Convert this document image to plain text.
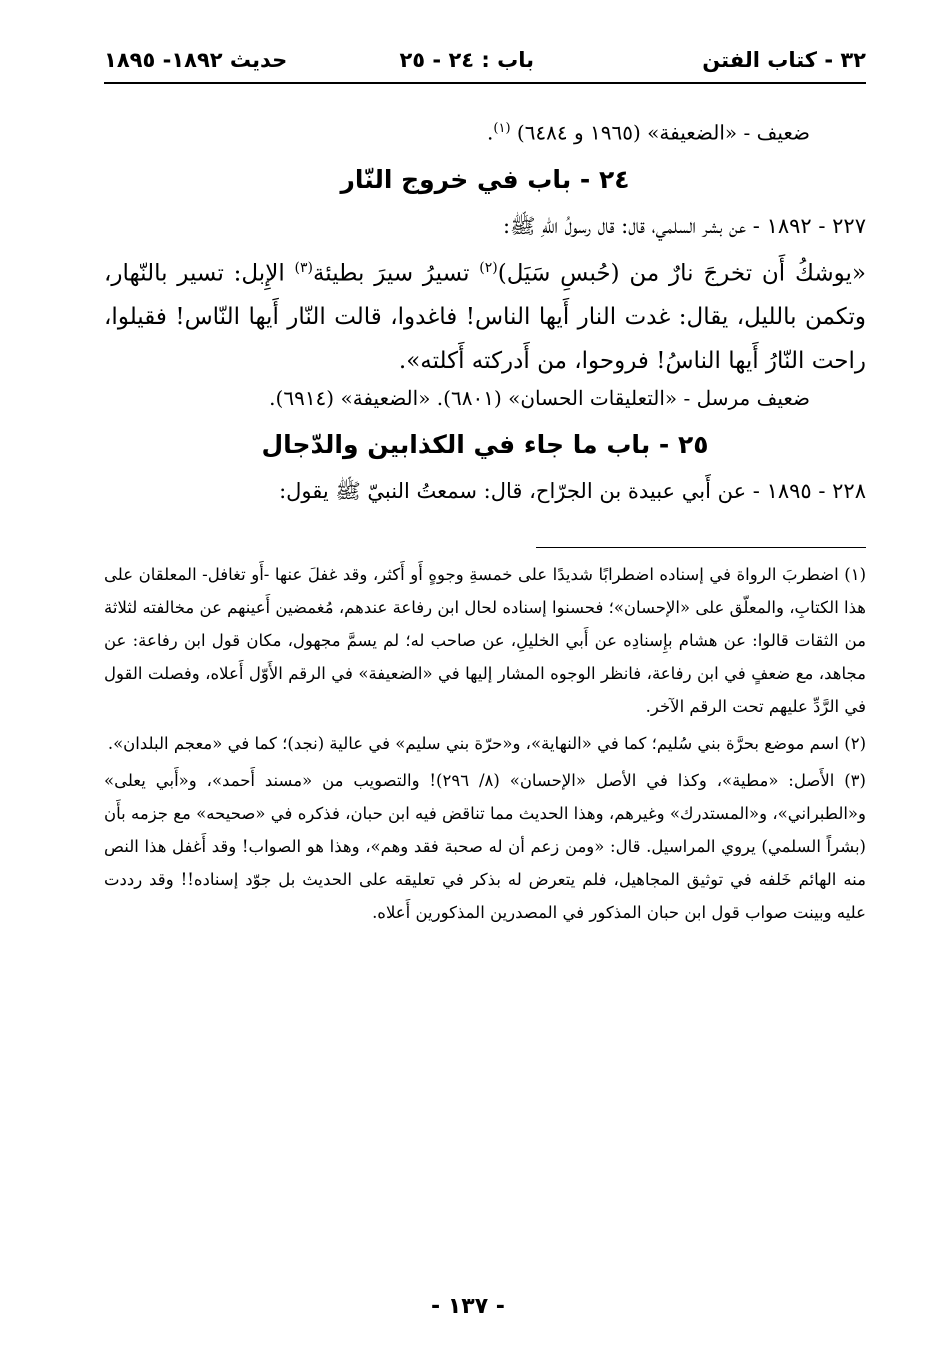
٣٢ - كتاب الفتن
باب : ٢٤ - ٢٥
حديث ١٨٩٢- ١٨٩٥

ضعيف - «الضعيفة» (١٩٦٥ و ٦٤٨٤) $^{(١)}$.

٢٤ - باب في خروج النّار

٢٢٧ - ١٨٩٢ - عن بشر السلمي، قال: قال رسولُ اللهِ ﷺ:

«يوشكُ أَن تخرجَ نارٌ من (حُبسِ سَيَل)$^{(٢)}$ تسيرُ سيرَ بطيئة$^{(٣)}$ الإِبل: تسير بالنّهار، وتكمن بالليل، يقال: غدت النار أَيها الناس! فاغدوا، قالت النّار أَيها النّاس! فقيلوا، راحت النّارُ أَيها الناسُ! فروحوا، من أَدركته أَكلته».

ضعيف مرسل - «التعليقات الحسان» (٦٨٠١). «الضعيفة» (٦٩١٤).

٢٥ - باب ما جاء في الكذابين والدّجال

٢٢٨ - ١٨٩٥ - عن أَبي عبيدة بن الجرّاح، قال: سمعتُ النبيّ ﷺ يقول:

(١) اضطربَ الرواة في إسناده اضطرابًا شديدًا على خمسةِ وجوهٍ أَو أَكثر، وقد غفلَ عنها -أَو تغافل- المعلقان على هذا الكتابِ، والمعلّق على «الإحسان»؛ فحسنوا إسناده لحال ابن رفاعة عندهم، مُغمضين أَعينهم عن مخالفته لثلاثة من الثقات قالوا: عن هشام بإِسنادِه عن أَبي الخليلِ، عن صاحب له؛ لم يسمَّ مجهول، مكان قول ابن رفاعة: عن مجاهد، مع ضعفٍ في ابن رفاعة، فانظر الوجوه المشار إليها في «الضعيفة» في الرقم الأَوّل أَعلاه، وفصلت القول في الرَّدِّ عليهم تحت الرقم الآخر.

(٢) اسم موضع بحرَّة بني سُليم؛ كما في «النهاية»، و«حرّة بني سليم» في عالية (نجد)؛ كما في «معجم البلدان».

(٣) الأَصل: «مطية»، وكذا في الأصل «الإحسان» (٨/ ٢٩٦)! والتصويب من «مسند أَحمد»، و«أَبي يعلى» و«الطبراني»، و«المستدرك» وغيرهم، وهذا الحديث مما تناقض فيه ابن حبان، فذكره في «صحيحه» مع جزمه بأَن (بشراً السلمي) يروي المراسيل. قال: «ومن زعم أن له صحبة فقد وهم»، وهذا هو الصواب! وقد أَغفل هذا النص منه الهائم خَلفه في توثيق المجاهيل، فلم يتعرض له بذكر في تعليقه على الحديث بل جوّد إسناده!! وقد رددت عليه وبينت صواب قول ابن حبان المذكور في المصدرين المذكورين أَعلاه.

- ١٣٧ -
